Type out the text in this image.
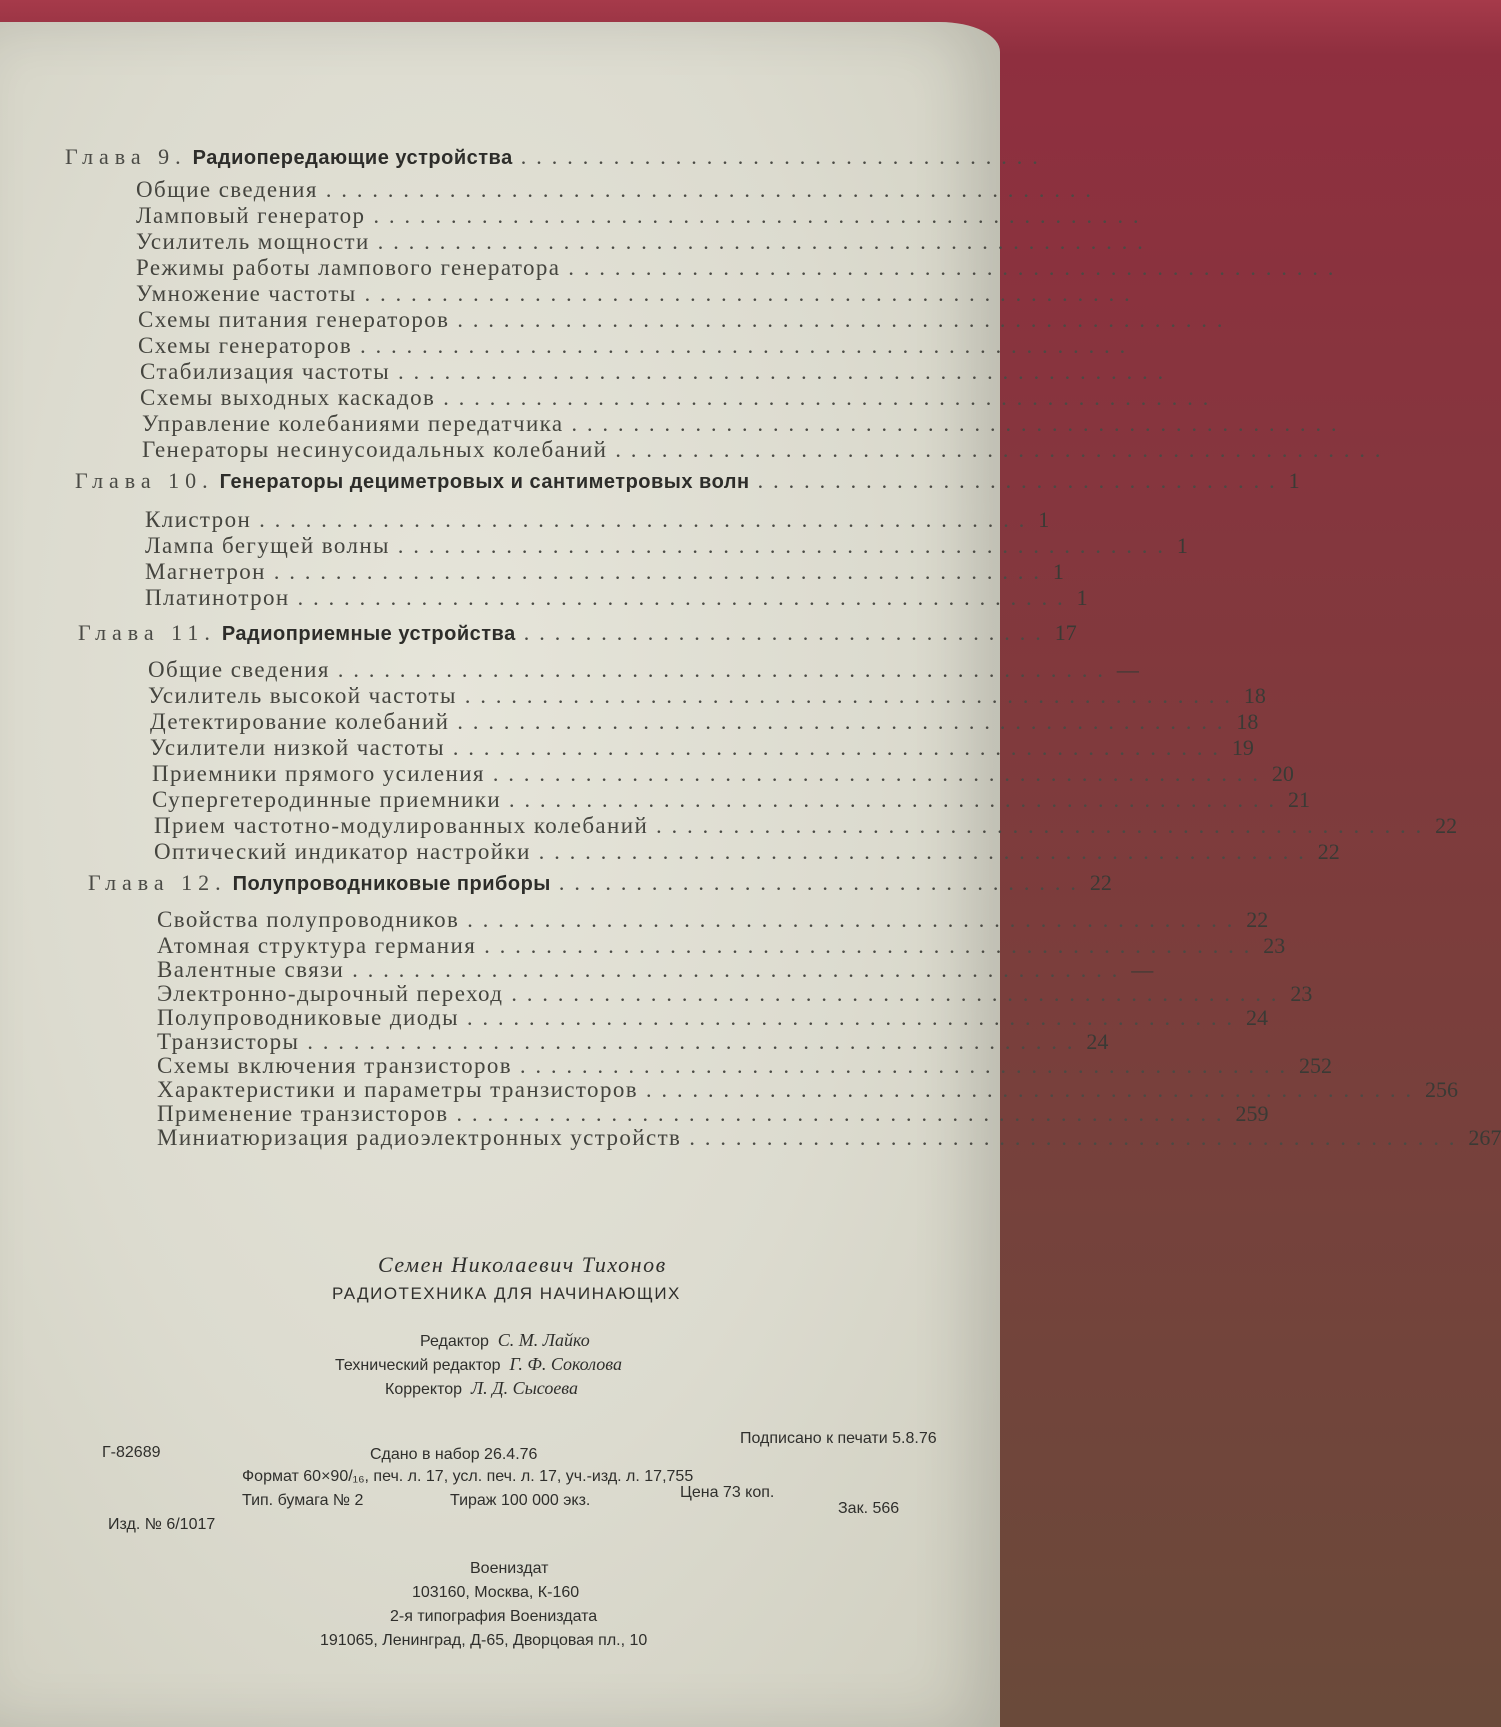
Глава 9. Радиопередающие устройства ..................................
Общие сведения ..................................................
Ламповый генератор ..................................................
Усилитель мощности ..................................................
Режимы работы лампового генератора ..................................................
Умножение частоты ..................................................
Схемы питания генераторов ..................................................
Схемы генераторов ..................................................
Стабилизация частоты ..................................................
Схемы выходных каскадов ..................................................
Управление колебаниями передатчика ..................................................
Генераторы несинусоидальных колебаний ..................................................
Глава 10. Генераторы дециметровых и сантиметровых волн .................................. 1
Клистрон .................................................. 1
Лампа бегущей волны .................................................. 1
Магнетрон .................................................. 1
Платинотрон .................................................. 1
Глава 11. Радиоприемные устройства .................................. 17
Общие сведения .................................................. —
Усилитель высокой частоты .................................................. 18
Детектирование колебаний .................................................. 18
Усилители низкой частоты .................................................. 19
Приемники прямого усиления .................................................. 20
Супергетеродинные приемники .................................................. 21
Прием частотно-модулированных колебаний .................................................. 22
Оптический индикатор настройки .................................................. 22
Глава 12. Полупроводниковые приборы .................................. 22
Свойства полупроводников .................................................. 22
Атомная структура германия .................................................. 23
Валентные связи .................................................. —
Электронно-дырочный переход .................................................. 23
Полупроводниковые диоды .................................................. 24
Транзисторы .................................................. 24
Схемы включения транзисторов .................................................. 252
Характеристики и параметры транзисторов .................................................. 256
Применение транзисторов .................................................. 259
Миниатюризация радиоэлектронных устройств .................................................. 267
Семен Николаевич Тихонов
РАДИОТЕХНИКА ДЛЯ НАЧИНАЮЩИХ
Редактор С. М. Лайко
Технический редактор Г. Ф. Соколова
Корректор Л. Д. Сысоева
Г-82689	Сдано в набор 26.4.76
Подписано к печати 5.8.76
Формат 60×90/₁₆, печ. л. 17, усл. печ. л. 17, уч.-изд. л. 17,755
Тип. бумага № 2	Тираж 100 000 экз.	Цена 73 коп.
Зак. 566
Изд. № 6/1017
Воениздат
103160, Москва, К-160
2-я типография Воениздата
191065, Ленинград, Д-65, Дворцовая пл., 10
